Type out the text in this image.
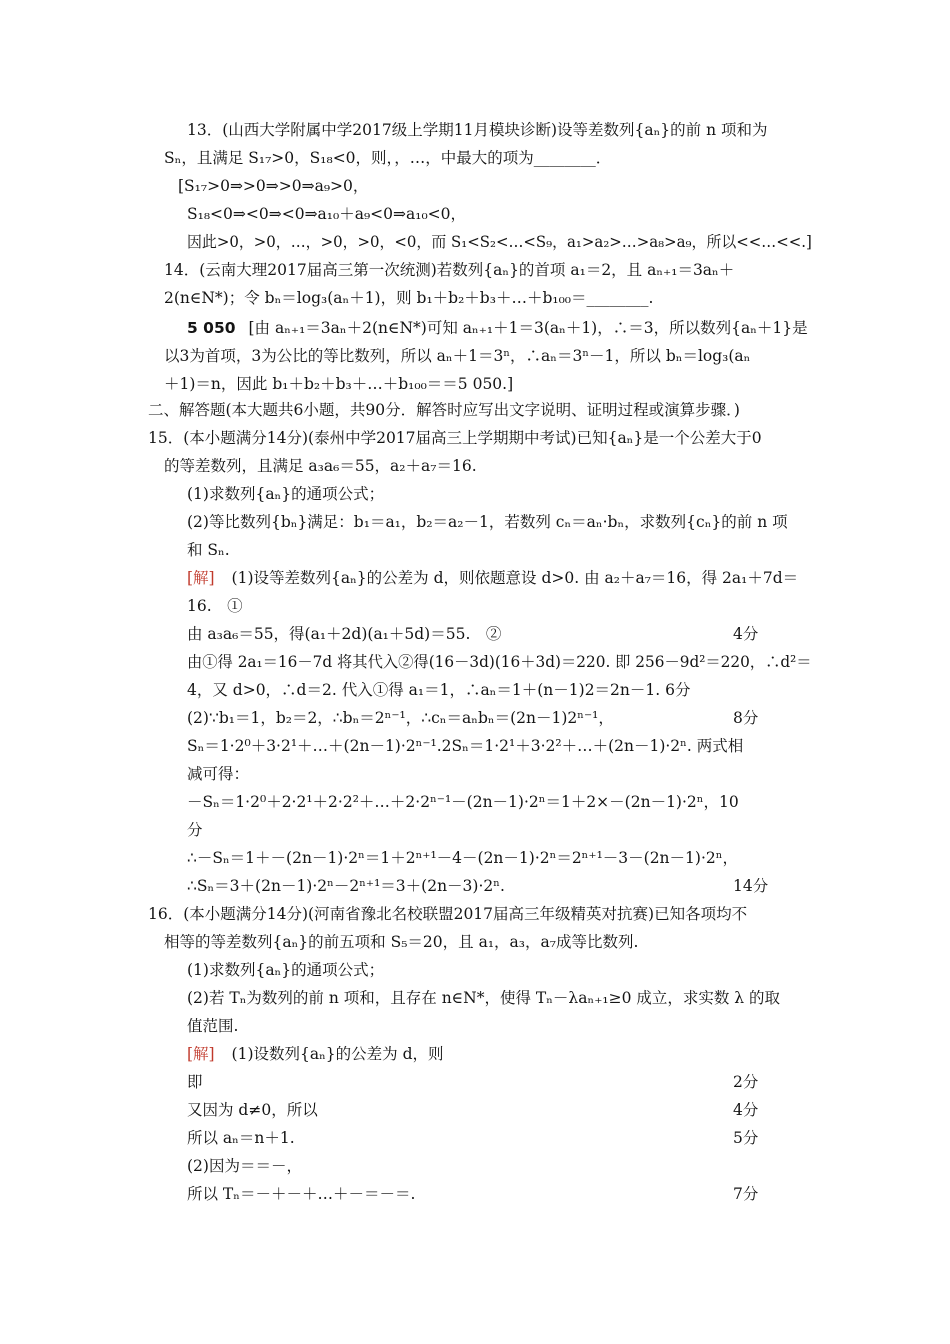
13．(山西大学附属中学2017级上学期11月模块诊断)设等差数列{aₙ}的前 n 项和为
Sₙ，且满足 S₁₇>0，S₁₈<0，则，，…，中最大的项为________．
[S₁₇>0⇒>0⇒>0⇒a₉>0，
S₁₈<0⇒<0⇒<0⇒a₁₀＋a₉<0⇒a₁₀<0，
因此>0，>0，…，>0，>0，<0，而 S₁<S₂<…<S₉，a₁>a₂>…>a₈>a₉，所以<<…<<.]
14．(云南大理2017届高三第一次统测)若数列{aₙ}的首项 a₁＝2，且 aₙ₊₁＝3aₙ＋
2(n∈N*)；令 bₙ＝log₃(aₙ＋1)，则 b₁＋b₂＋b₃＋…＋b₁₀₀＝________.
5 050 [由 aₙ₊₁＝3aₙ＋2(n∈N*)可知 aₙ₊₁＋1＝3(aₙ＋1)，∴＝3，所以数列{aₙ＋1}是
以3为首项，3为公比的等比数列，所以 aₙ＋1＝3ⁿ，∴aₙ＝3ⁿ－1，所以 bₙ＝log₃(aₙ
＋1)＝n，因此 b₁＋b₂＋b₃＋…＋b₁₀₀＝＝5 050.]
二、解答题(本大题共6小题，共90分．解答时应写出文字说明、证明过程或演算步骤．)
15．(本小题满分14分)(泰州中学2017届高三上学期期中考试)已知{aₙ}是一个公差大于0
的等差数列，且满足 a₃a₆＝55，a₂＋a₇＝16.
(1)求数列{aₙ}的通项公式；
(2)等比数列{bₙ}满足：b₁＝a₁，b₂＝a₂－1，若数列 cₙ＝aₙ·bₙ，求数列{cₙ}的前 n 项
和 Sₙ.
[解] (1)设等差数列{aₙ}的公差为 d，则依题意设 d>0. 由 a₂＋a₇＝16，得 2a₁＋7d＝
16.　①
由 a₃a₆＝55，得(a₁＋2d)(a₁＋5d)＝55.　②	4分
由①得 2a₁＝16－7d 将其代入②得(16－3d)(16＋3d)＝220. 即 256－9d²＝220，∴d²＝
4，又 d>0，∴d＝2. 代入①得 a₁＝1，∴aₙ＝1＋(n－1)2＝2n－1. 6分
(2)∵b₁＝1，b₂＝2，∴bₙ＝2ⁿ⁻¹，∴cₙ＝aₙbₙ＝(2n－1)2ⁿ⁻¹，	8分
Sₙ＝1·2⁰＋3·2¹＋…＋(2n－1)·2ⁿ⁻¹.2Sₙ＝1·2¹＋3·2²＋…＋(2n－1)·2ⁿ. 两式相
减可得：
－Sₙ＝1·2⁰＋2·2¹＋2·2²＋…＋2·2ⁿ⁻¹－(2n－1)·2ⁿ＝1＋2×－(2n－1)·2ⁿ，10
分
∴－Sₙ＝1＋－(2n－1)·2ⁿ＝1＋2ⁿ⁺¹－4－(2n－1)·2ⁿ＝2ⁿ⁺¹－3－(2n－1)·2ⁿ，
∴Sₙ＝3＋(2n－1)·2ⁿ－2ⁿ⁺¹＝3＋(2n－3)·2ⁿ.	14分
16．(本小题满分14分)(河南省豫北名校联盟2017届高三年级精英对抗赛)已知各项均不
相等的等差数列{aₙ}的前五项和 S₅＝20，且 a₁，a₃，a₇成等比数列.
(1)求数列{aₙ}的通项公式；
(2)若 Tₙ为数列的前 n 项和，且存在 n∈N*，使得 Tₙ－λaₙ₊₁≥0 成立，求实数 λ 的取
值范围.
[解] (1)设数列{aₙ}的公差为 d，则
即	2分
又因为 d≠0，所以	4分
所以 aₙ＝n＋1.	5分
(2)因为＝＝－，
所以 Tₙ＝－＋－＋…＋－＝－＝.	7分
